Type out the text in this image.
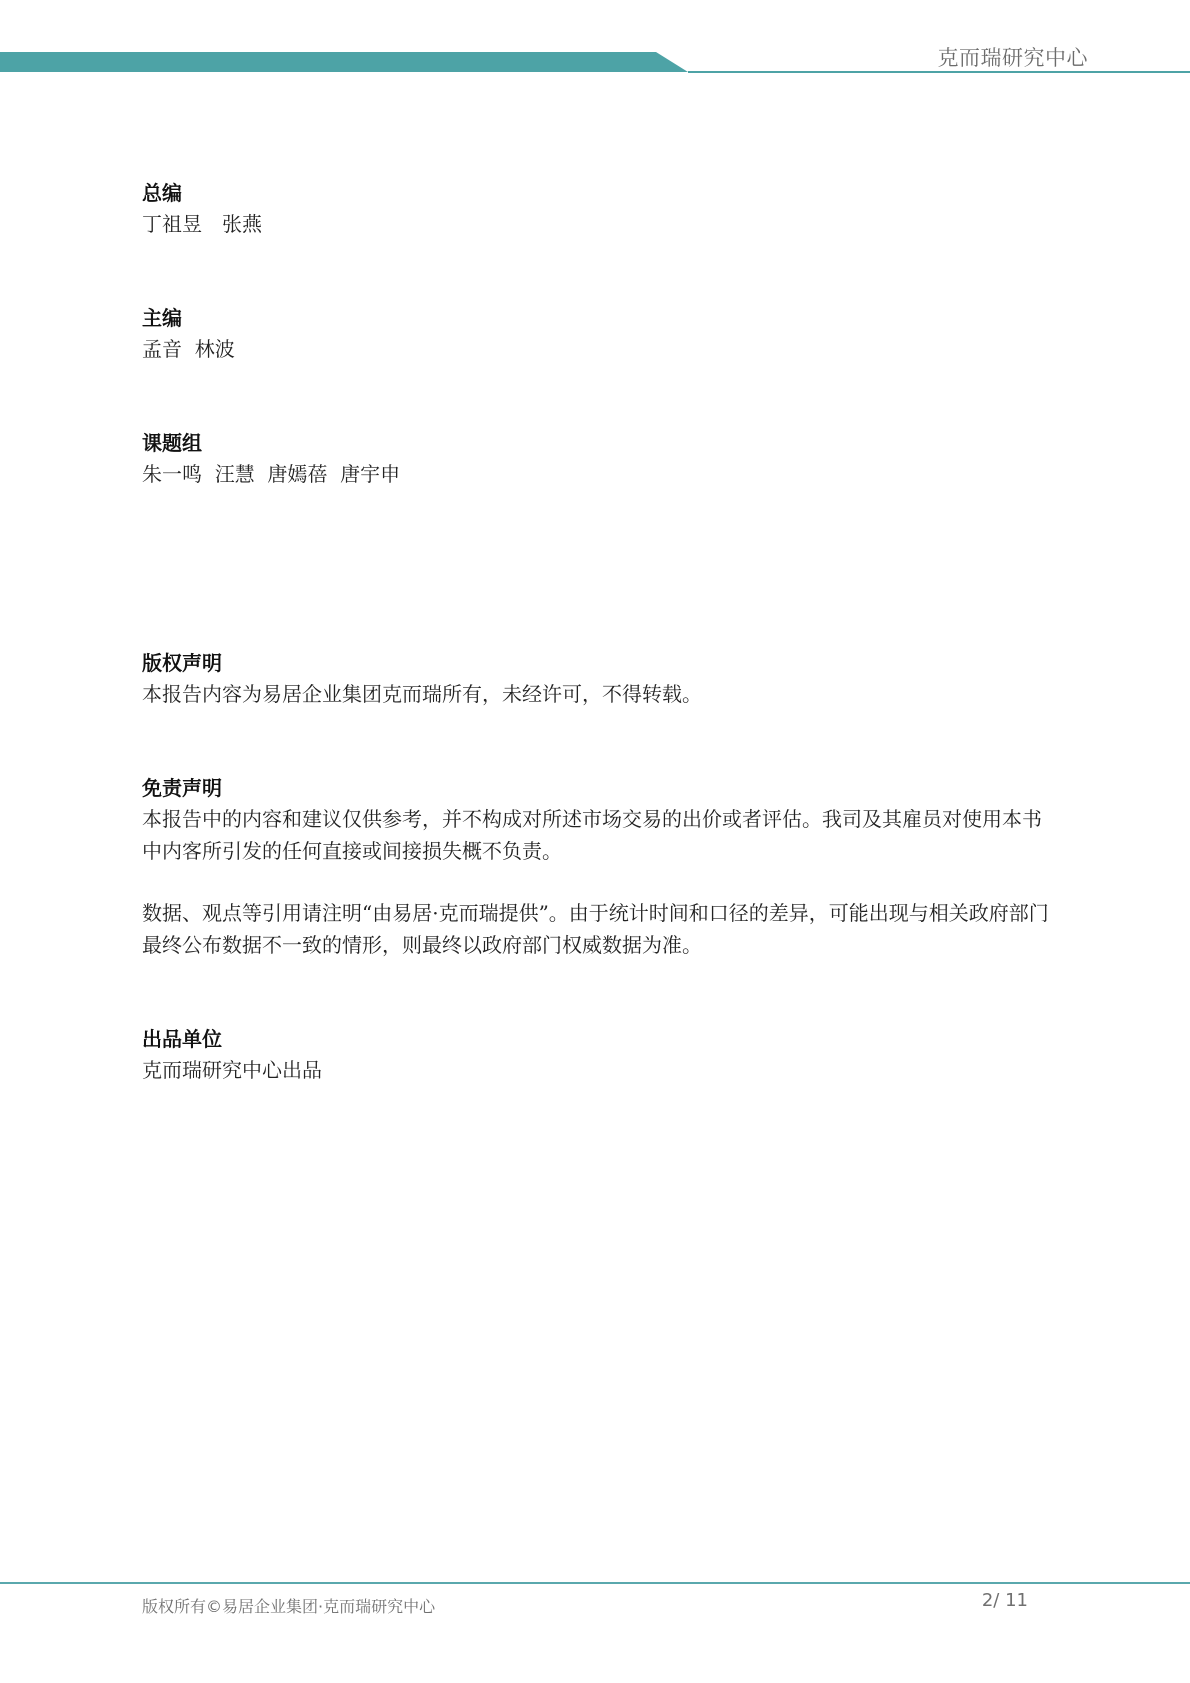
克而瑞研究中心
总编

丁祖昱　张燕

主编

孟音  林波

课题组

朱一鸣  汪慧  唐嫣蓓  唐宇申

版权声明

本报告内容为易居企业集团克而瑞所有，未经许可，不得转载。

免责声明

本报告中的内容和建议仅供参考，并不构成对所述市场交易的出价或者评估。我司及其雇员对使用本书中内客所引发的任何直接或间接损失概不负责。

数据、观点等引用请注明“由易居·克而瑞提供”。由于统计时间和口径的差异，可能出现与相关政府部门最终公布数据不一致的情形，则最终以政府部门权威数据为准。

出品单位

克而瑞研究中心出品

版权所有©易居企业集团·克而瑞研究中心	2/ 11
